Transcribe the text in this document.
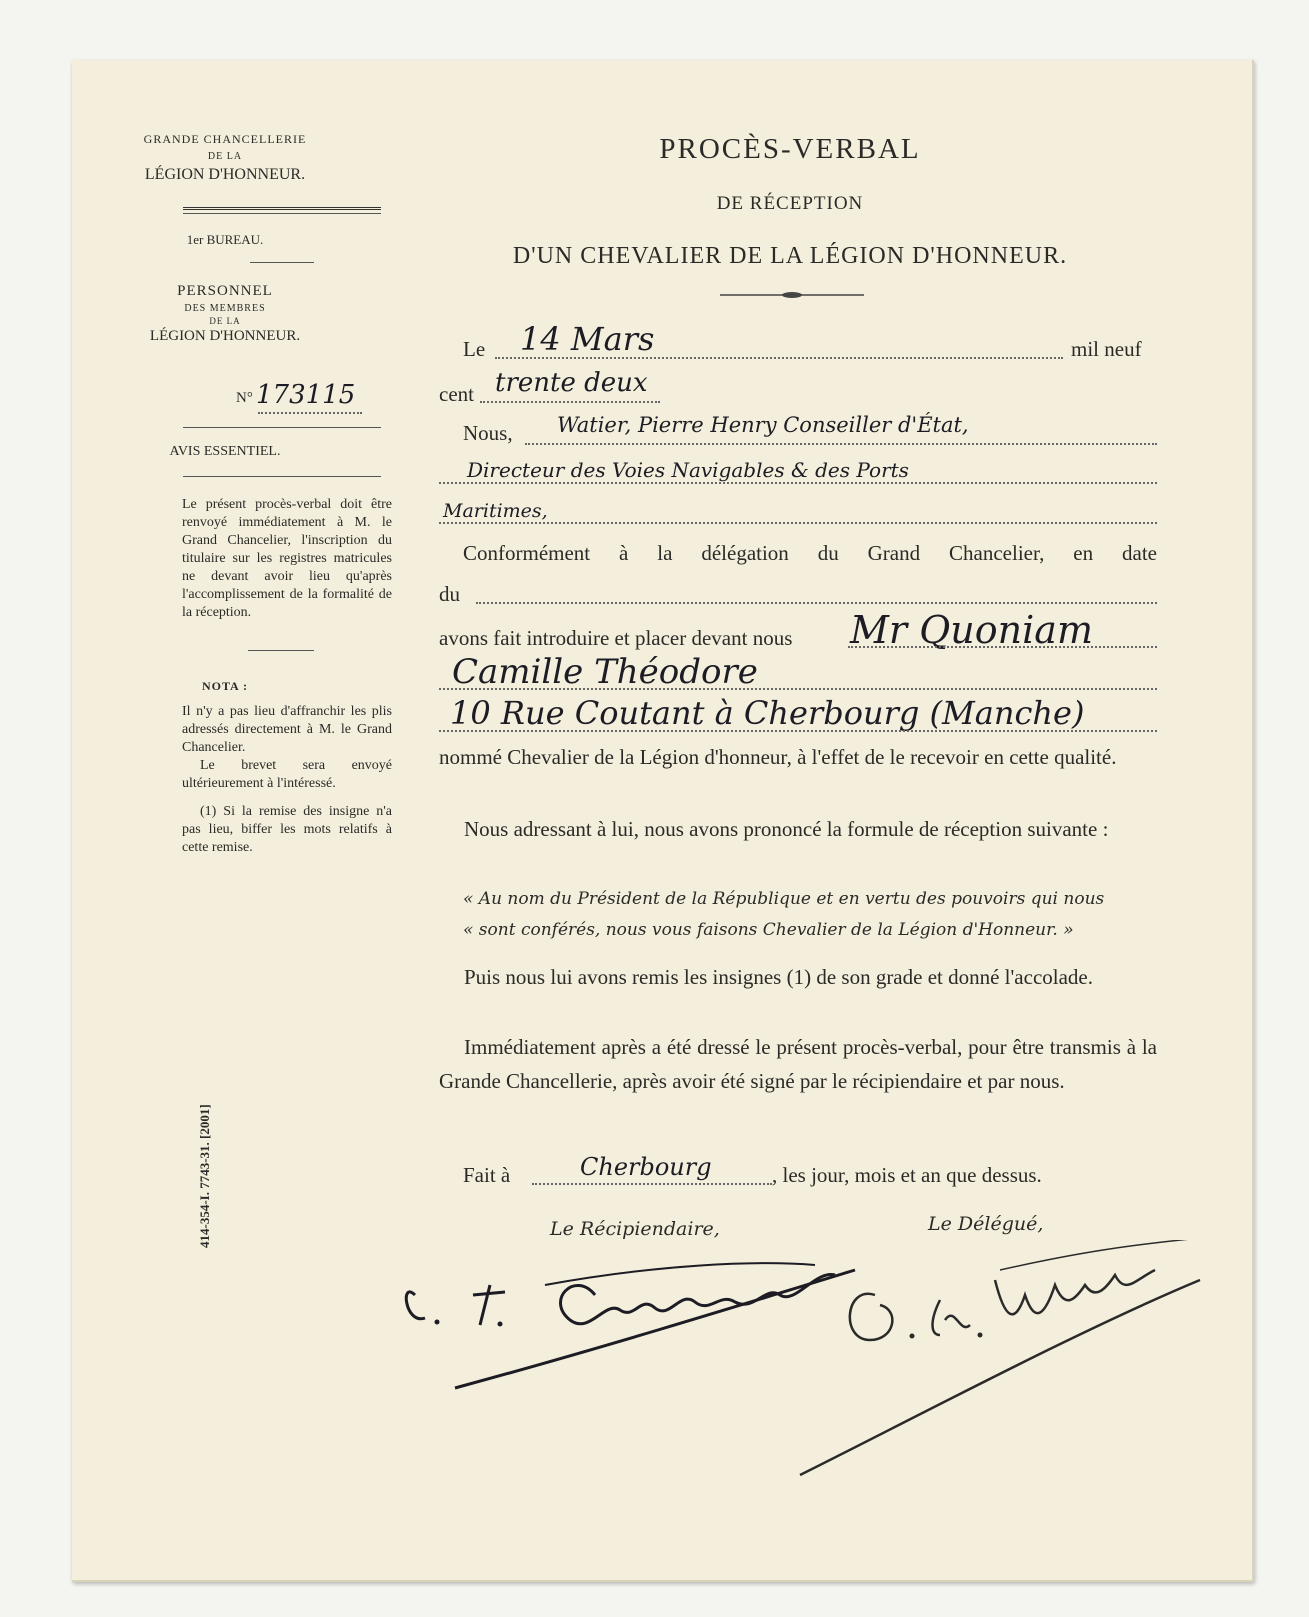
GRANDE CHANCELLERIE
DE LA
LÉGION D'HONNEUR.
1er BUREAU.
PERSONNEL
DES MEMBRES
DE LA
LÉGION D'HONNEUR.
N° 173115
AVIS ESSENTIEL.
Le présent procès-verbal doit être renvoyé immédiatement à M. le Grand Chancelier, l'inscription du titulaire sur les registres matricules ne devant avoir lieu qu'après l'accomplissement de la formalité de la réception.
NOTA :
Il n'y a pas lieu d'affranchir les plis adressés directement à M. le Grand Chancelier.
Le brevet sera envoyé ultérieurement à l'intéressé.
(1) Si la remise des insigne n'a pas lieu, biffer les mots relatifs à cette remise.
414-354-I. 7743-31. [2001]
PROCÈS-VERBAL
DE RÉCEPTION
D'UN CHEVALIER DE LA LÉGION D'HONNEUR.
Le 14 Mars	mil neuf
cent trente deux
Nous, Watier, Pierre Henry Conseiller d'État,
Directeur des Voies Navigables & des Ports
Maritimes,
Conformément à la délégation du Grand Chancelier, en date
du
avons fait introduire et placer devant nous Mr Quoniam
Camille Théodore
10 Rue Coutant à Cherbourg (Manche)
nommé Chevalier de la Légion d'honneur, à l'effet de le recevoir en cette qualité.
Nous adressant à lui, nous avons prononcé la formule de réception suivante :
« Au nom du Président de la République et en vertu des pouvoirs qui nous
« sont conférés, nous vous faisons Chevalier de la Légion d'Honneur. »
Puis nous lui avons remis les insignes (1) de son grade et donné l'accolade.
Immédiatement après a été dressé le présent procès-verbal, pour être transmis à la Grande Chancellerie, après avoir été signé par le récipiendaire et par nous.
Fait à	Cherbourg	, les jour, mois et an que dessus.
Le Récipiendaire,	Le Délégué,
